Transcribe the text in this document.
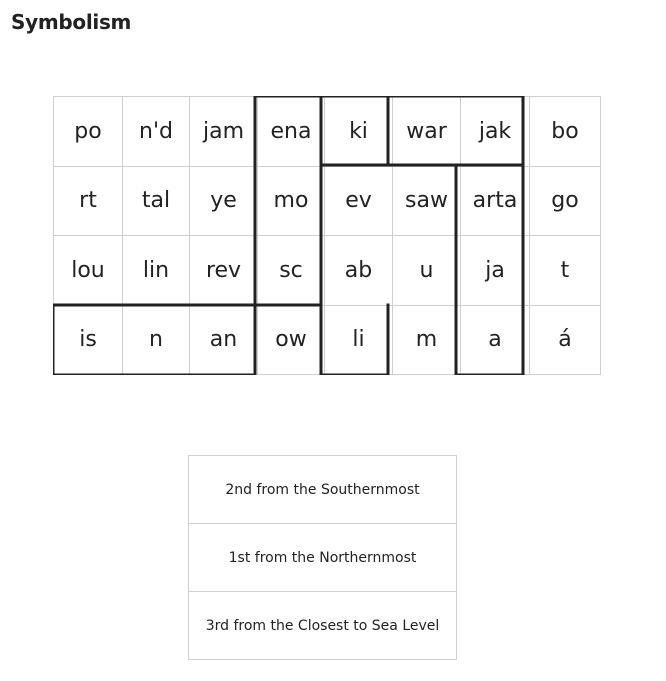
Symbolism
po	n'd	jam	ena	ki	war	jak	bo
rt	tal	ye	mo	ev	saw	arta	go
lou	lin	rev	sc	ab	u	ja	t
is	n	an	ow	li	m	a	á
2nd from the Southernmost
1st from the Northernmost
3rd from the Closest to Sea Level
